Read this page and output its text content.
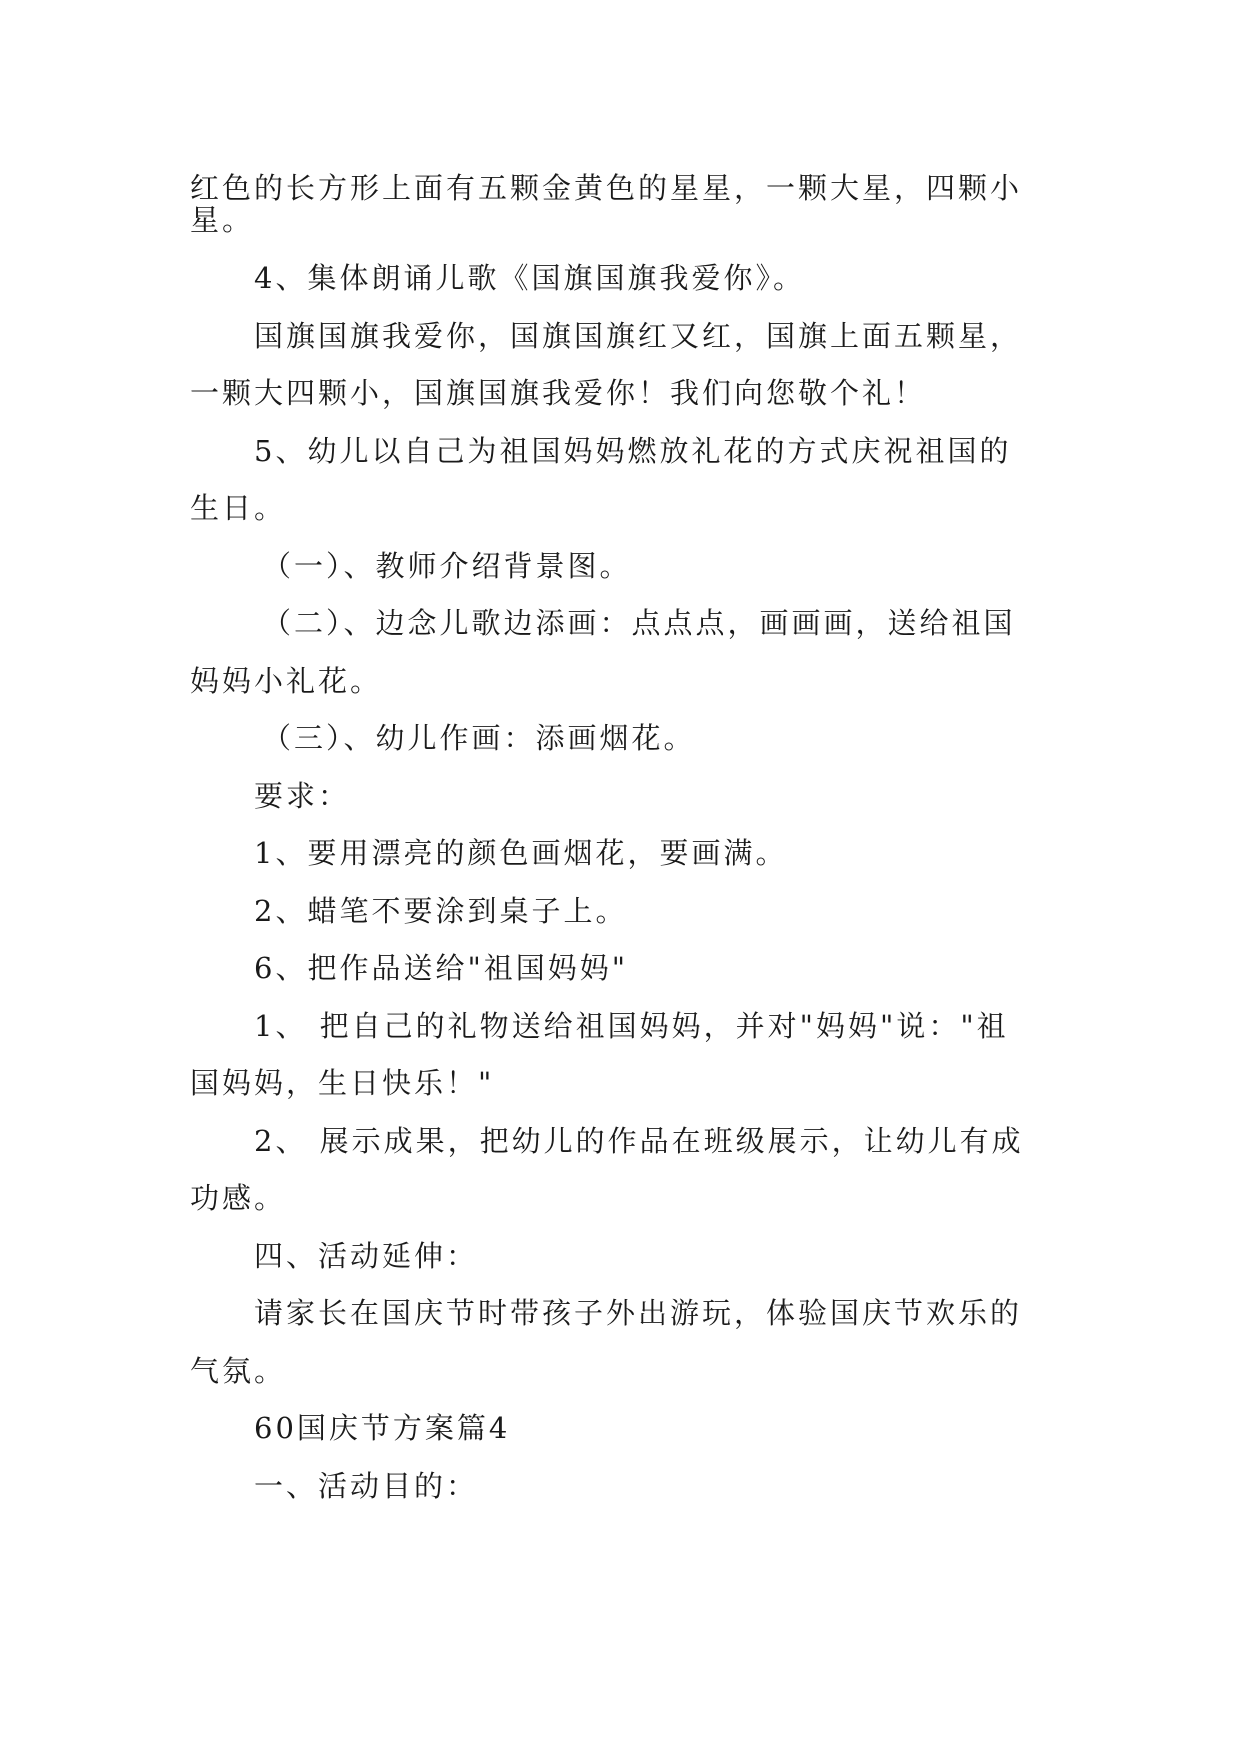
红色的长方形上面有五颗金黄色的星星，一颗大星，四颗小
星。
4、集体朗诵儿歌《国旗国旗我爱你》。
国旗国旗我爱你，国旗国旗红又红，国旗上面五颗星，
一颗大四颗小，国旗国旗我爱你！我们向您敬个礼！
5、幼儿以自己为祖国妈妈燃放礼花的方式庆祝祖国的
生日。
（一）、教师介绍背景图。
（二）、边念儿歌边添画：点点点，画画画，送给祖国
妈妈小礼花。
（三）、幼儿作画：添画烟花。
要求：
1、要用漂亮的颜色画烟花，要画满。
2、蜡笔不要涂到桌子上。
6、把作品送给"祖国妈妈"
1、 把自己的礼物送给祖国妈妈，并对"妈妈"说："祖
国妈妈，生日快乐！"
2、 展示成果，把幼儿的作品在班级展示，让幼儿有成
功感。
四、活动延伸：
请家长在国庆节时带孩子外出游玩，体验国庆节欢乐的
气氛。
60国庆节方案篇4
一、活动目的：
